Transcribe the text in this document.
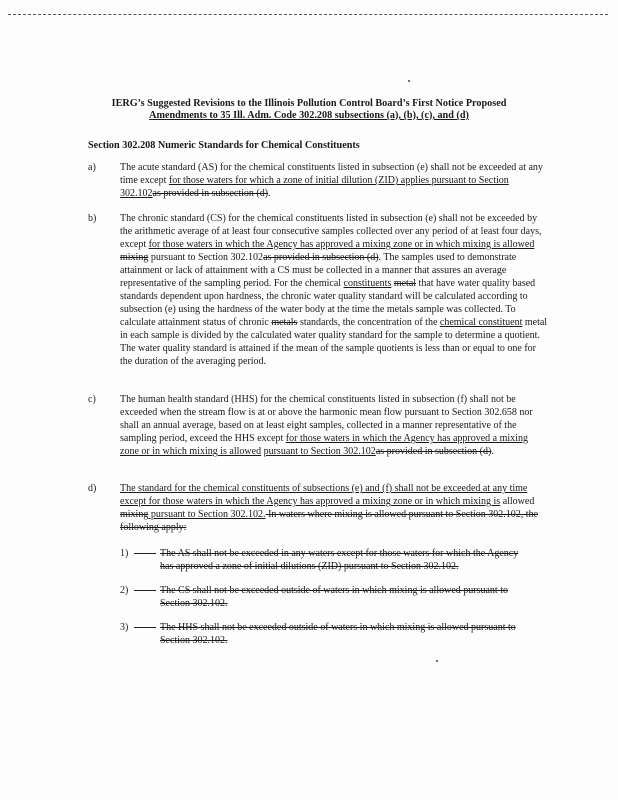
IERG’s Suggested Revisions to the Illinois Pollution Control Board’s First Notice Proposed
Amendments to 35 Ill. Adm. Code 302.208 subsections (a), (b), (c), and (d)
Section 302.208 Numeric Standards for Chemical Constituents
a) The acute standard (AS) for the chemical constituents listed in subsection (e) shall not be exceeded at any time except for those waters for which a zone of initial dilution (ZID) applies pursuant to Section 302.102as provided in subsection (d).
b) The chronic standard (CS) for the chemical constituents listed in subsection (e) shall not be exceeded by the arithmetic average of at least four consecutive samples collected over any period of at least four days, except for those waters in which the Agency has approved a mixing zone or in which mixing is allowed mixing pursuant to Section 302.102as provided in subsection (d). The samples used to demonstrate attainment or lack of attainment with a CS must be collected in a manner that assures an average representative of the sampling period. For the chemical constituents metal that have water quality based standards dependent upon hardness, the chronic water quality standard will be calculated according to subsection (e) using the hardness of the water body at the time the metals sample was collected. To calculate attainment status of chronic metals standards, the concentration of the chemical constituent metal in each sample is divided by the calculated water quality standard for the sample to determine a quotient. The water quality standard is attained if the mean of the sample quotients is less than or equal to one for the duration of the averaging period.
c) The human health standard (HHS) for the chemical constituents listed in subsection (f) shall not be exceeded when the stream flow is at or above the harmonic mean flow pursuant to Section 302.658 nor shall an annual average, based on at least eight samples, collected in a manner representative of the sampling period, exceed the HHS except for those waters in which the Agency has approved a mixing zone or in which mixing is allowed pursuant to Section 302.102as provided in subsection (d).
d) The standard for the chemical constituents of subsections (e) and (f) shall not be exceeded at any time except for those waters in which the Agency has approved a mixing zone or in which mixing is allowed mixing pursuant to Section 302.102. In waters where mixing is allowed pursuant to Section 302.102, the following apply:
1)	The AS shall not be exceeded in any waters except for those waters for which the Agency has approved a zone of initial dilutions (ZID) pursuant to Section 302.102.
2)	The CS shall not be exceeded outside of waters in which mixing is allowed pursuant to Section 302.102.
3)	The HHS shall not be exceeded outside of waters in which mixing is allowed pursuant to Section 302.102.
